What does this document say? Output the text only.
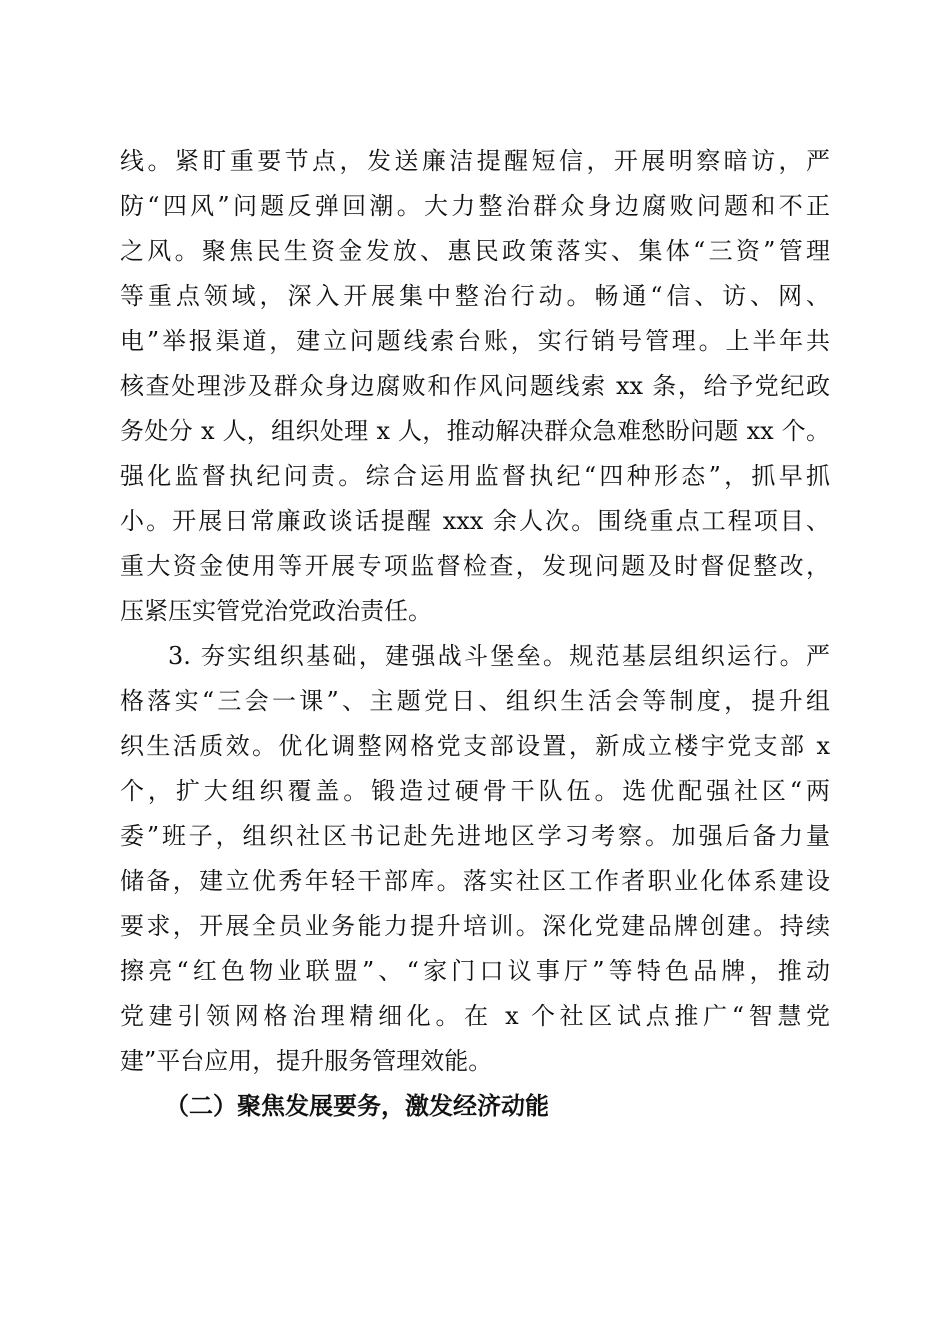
线。紧盯重要节点，发送廉洁提醒短信，开展明察暗访，严
防“四风”问题反弹回潮。大力整治群众身边腐败问题和不正
之风。聚焦民生资金发放、惠民政策落实、集体“三资”管理
等重点领域，深入开展集中整治行动。畅通“信、访、网、
电”举报渠道，建立问题线索台账，实行销号管理。上半年共
核查处理涉及群众身边腐败和作风问题线索 xx 条，给予党纪政
务处分 x 人，组织处理 x 人，推动解决群众急难愁盼问题 xx 个。
强化监督执纪问责。综合运用监督执纪“四种形态”，抓早抓
小。开展日常廉政谈话提醒 xxx 余人次。围绕重点工程项目、
重大资金使用等开展专项监督检查，发现问题及时督促整改，
压紧压实管党治党政治责任。
3. 夯实组织基础，建强战斗堡垒。规范基层组织运行。严
格落实“三会一课”、主题党日、组织生活会等制度，提升组
织生活质效。优化调整网格党支部设置，新成立楼宇党支部 x
个，扩大组织覆盖。锻造过硬骨干队伍。选优配强社区“两
委”班子，组织社区书记赴先进地区学习考察。加强后备力量
储备，建立优秀年轻干部库。落实社区工作者职业化体系建设
要求，开展全员业务能力提升培训。深化党建品牌创建。持续
擦亮“红色物业联盟”、“家门口议事厅”等特色品牌，推动
党建引领网格治理精细化。在 x 个社区试点推广“智慧党
建”平台应用，提升服务管理效能。
（二）聚焦发展要务，激发经济动能
